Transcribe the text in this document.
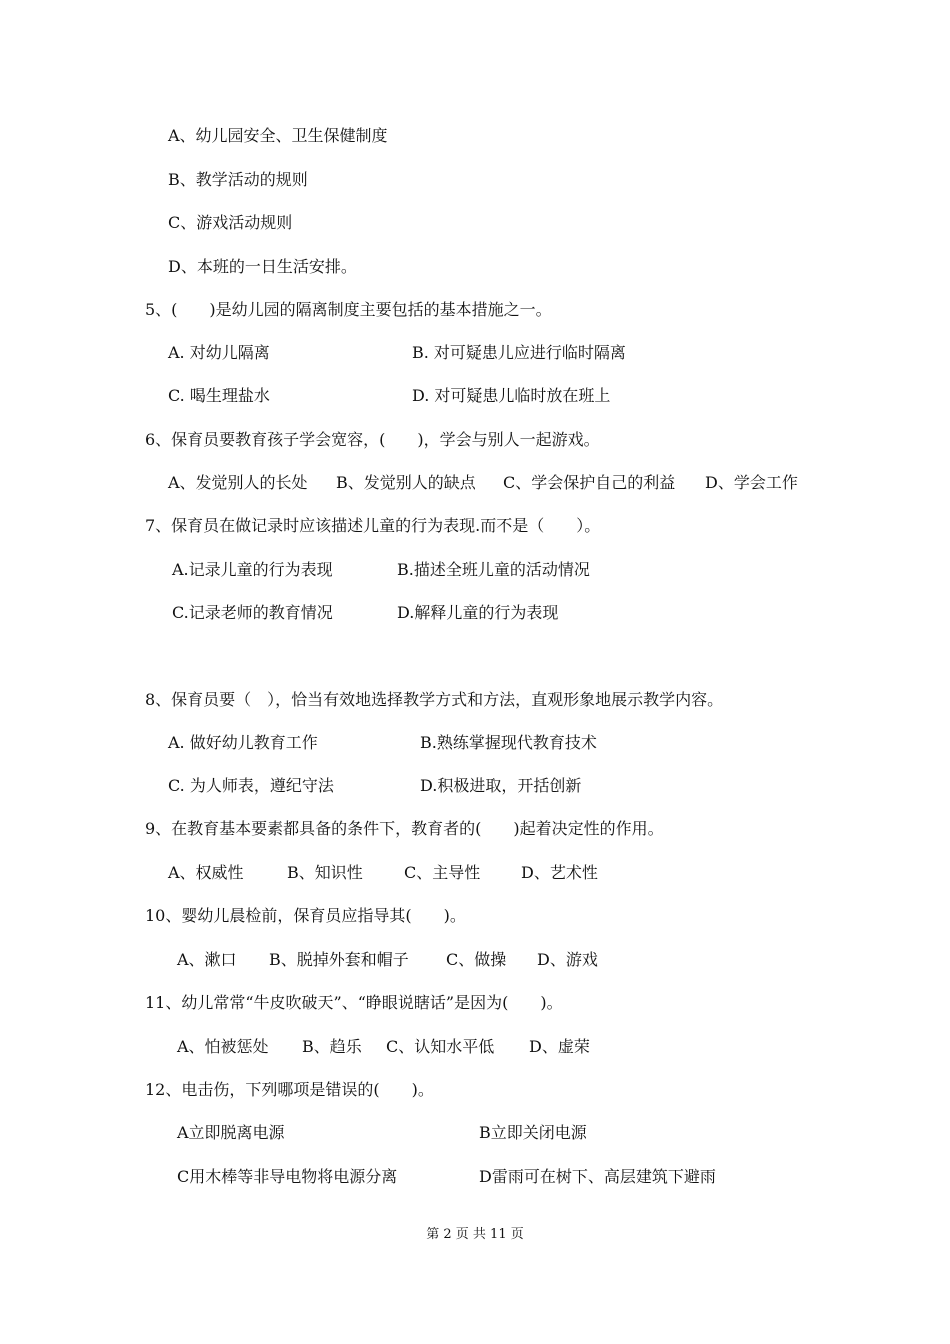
A、幼儿园安全、卫生保健制度
B、教学活动的规则
C、游戏活动规则
D、本班的一日生活安排。
5、(　　)是幼儿园的隔离制度主要包括的基本措施之一。
A. 对幼儿隔离	B. 对可疑患儿应进行临时隔离
C. 喝生理盐水	D. 对可疑患儿临时放在班上
6、保育员要教育孩子学会宽容，(　　)，学会与别人一起游戏。
A、发觉别人的长处 B、发觉别人的缺点 C、学会保护自己的利益 D、学会工作
7、保育员在做记录时应该描述儿童的行为表现.而不是（　　）。
A.记录儿童的行为表现	B.描述全班儿童的活动情况
C.记录老师的教育情况	D.解释儿童的行为表现
8、保育员要（　），恰当有效地选择教学方式和方法，直观形象地展示教学内容。
A. 做好幼儿教育工作	B.熟练掌握现代教育技术
C. 为人师表，遵纪守法	D.积极进取，开括创新
9、在教育基本要素都具备的条件下，教育者的(　　)起着决定性的作用。
A、权威性	B、知识性	C、主导性	D、艺术性
10、婴幼儿晨检前，保育员应指导其(　　)。
A、漱口 B、脱掉外套和帽子 C、做操 D、游戏
11、幼儿常常“牛皮吹破天”、“睁眼说瞎话”是因为(　　)。
A、怕被惩处 B、趋乐 C、认知水平低 D、虚荣
12、电击伤，下列哪项是错误的(　　)。
A立即脱离电源	B立即关闭电源
C用木棒等非导电物将电源分离	D雷雨可在树下、高层建筑下避雨
第 2 页 共 11 页
